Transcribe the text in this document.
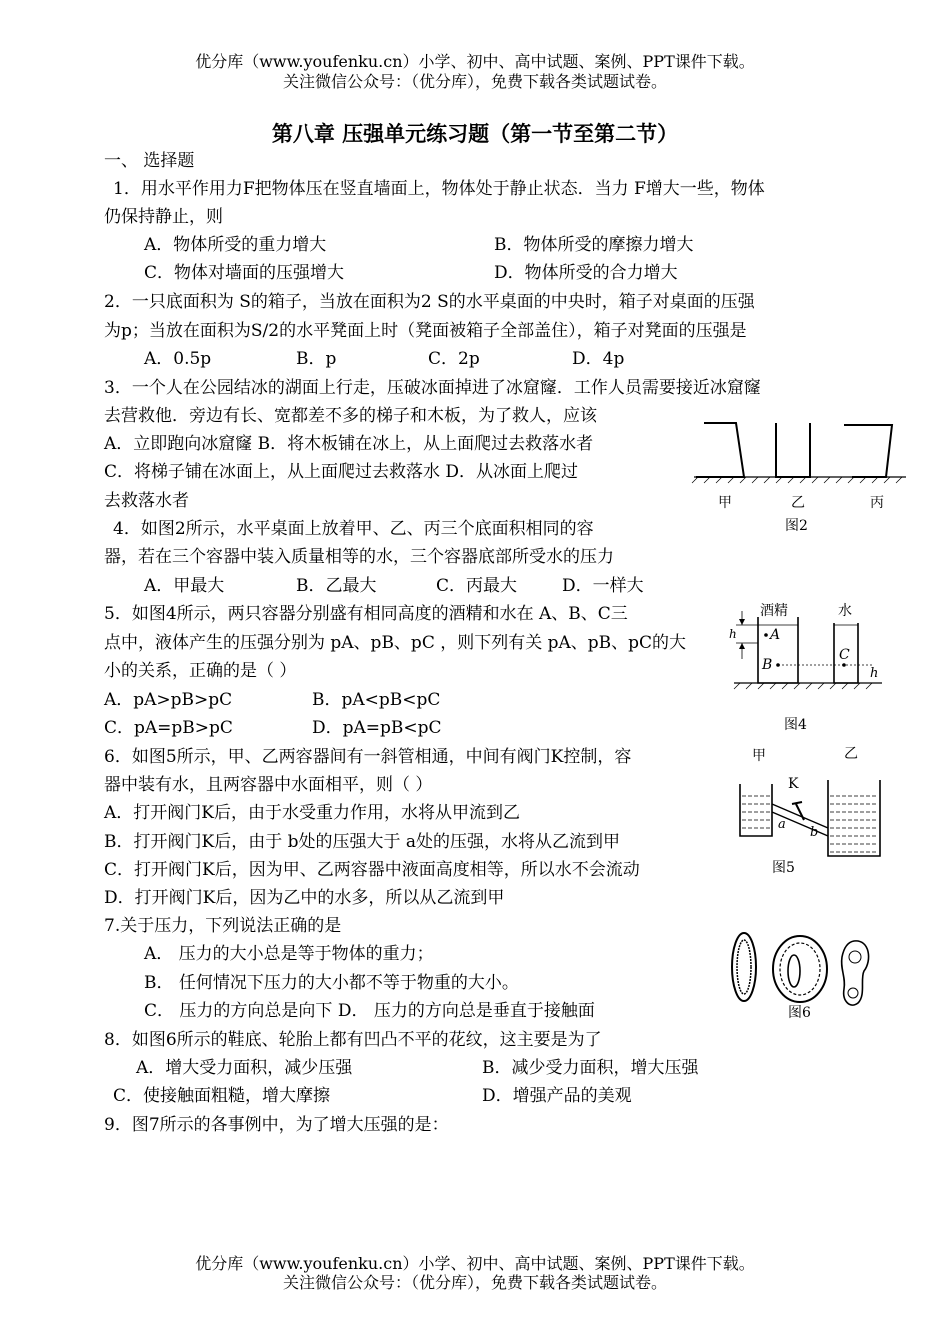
优分库（www.youfenku.cn）小学、初中、高中试题、案例、PPT课件下载。
关注微信公众号：（优分库），免费下载各类试题试卷。
第八章 压强单元练习题（第一节至第二节）
一、 选择题
1．用水平作用力F把物体压在竖直墙面上，物体处于静止状态．当力 F增大一些，物体
仍保持静止，则
A．物体所受的重力增大	B．物体所受的摩擦力增大
C．物体对墙面的压强增大	D．物体所受的合力增大
2．一只底面积为 S的箱子，当放在面积为2 S的水平桌面的中央时，箱子对桌面的压强
为p；当放在面积为S/2的水平凳面上时（凳面被箱子全部盖住），箱子对凳面的压强是
A．0.5p	B．p	C．2p	D．4p
3．一个人在公园结冰的湖面上行走，压破冰面掉进了冰窟窿．工作人员需要接近冰窟窿
去营救他．旁边有长、宽都差不多的梯子和木板，为了救人，应该
A．立即跑向冰窟窿 B．将木板铺在冰上，从上面爬过去救落水者
C．将梯子铺在冰面上，从上面爬过去救落水 D．从冰面上爬过
去救落水者
4．如图2所示，水平桌面上放着甲、乙、丙三个底面积相同的容
器，若在三个容器中装入质量相等的水，三个容器底部所受水的压力
A．甲最大	B．乙最大	C．丙最大	D．一样大
5．如图4所示，两只容器分别盛有相同高度的酒精和水在 A、B、C三
点中，液体产生的压强分别为 pA、pB、pC ，则下列有关 pA、pB、pC的大
小的关系，正确的是（ ）
A．pA>pB>pC	B．pA<pB<pC
C．pA=pB>pC	D．pA=pB<pC
6．如图5所示，甲、乙两容器间有一斜管相通，中间有阀门K控制，容
器中装有水，且两容器中水面相平，则（ ）
A．打开阀门K后，由于水受重力作用，水将从甲流到乙
B．打开阀门K后，由于 b处的压强大于 a处的压强，水将从乙流到甲
C．打开阀门K后，因为甲、乙两容器中液面高度相等，所以水不会流动
D．打开阀门K后，因为乙中的水多，所以从乙流到甲
7.关于压力，下列说法正确的是
A． 压力的大小总是等于物体的重力；
B． 任何情况下压力的大小都不等于物重的大小。
C． 压力的方向总是向下 D． 压力的方向总是垂直于接触面
8．如图6所示的鞋底、轮胎上都有凹凸不平的花纹，这主要是为了
A．增大受力面积，减少压强	B．减少受力面积，增大压强
C．使接触面粗糙，增大摩擦	D．增强产品的美观
9．图7所示的各事例中，为了增大压强的是：
甲	乙	丙
图2
h A
B
C
h
酒精	水
图4
甲	乙
K
a
b
图5
图6
优分库（www.youfenku.cn）小学、初中、高中试题、案例、PPT课件下载。
关注微信公众号：（优分库），免费下载各类试题试卷。
